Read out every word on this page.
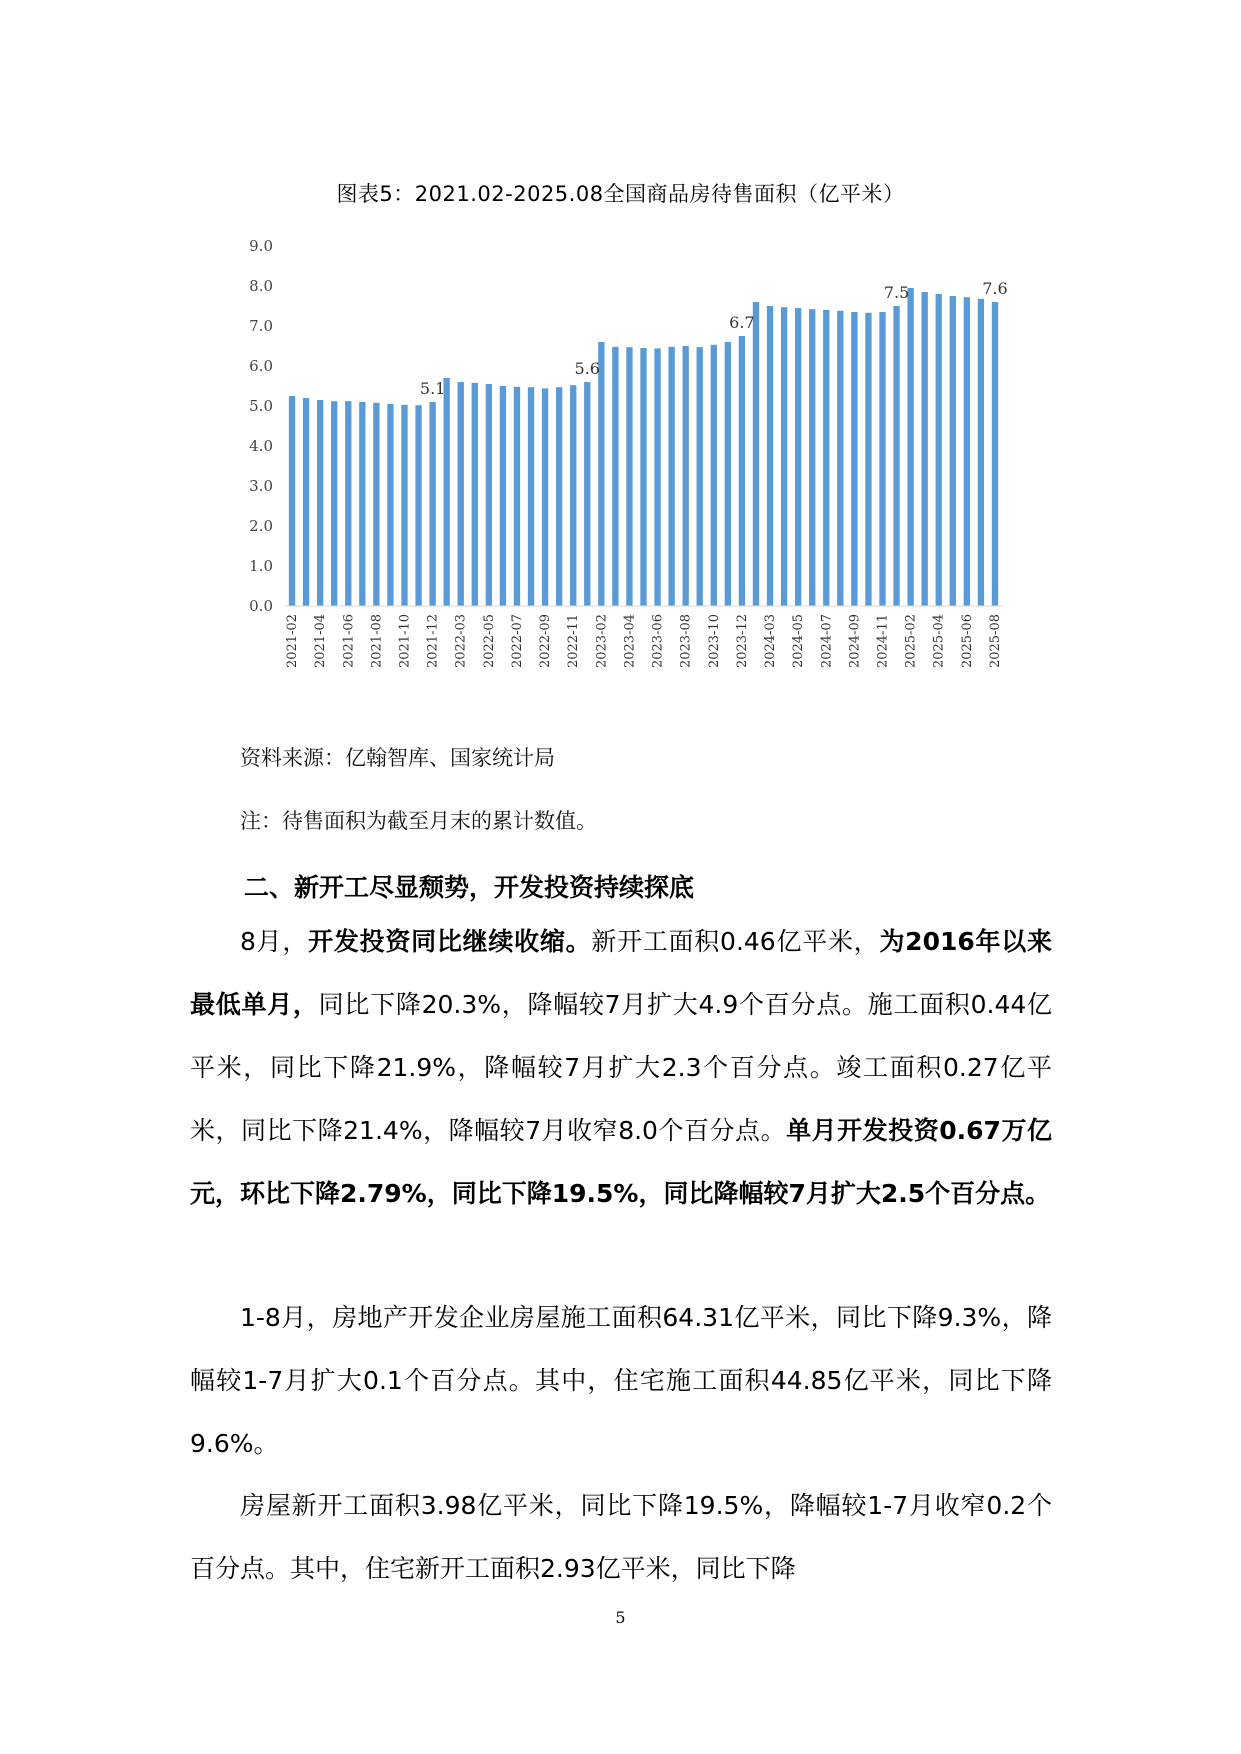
图表5：2021.02-2025.08全国商品房待售面积（亿平米）
0.0
1.0
2.0
3.0
4.0
5.0
6.0
7.0
8.0
9.0
2021-02 2021-04 2021-06 2021-08 2021-10 2021-12 2022-03 2022-05 2022-07 2022-09 2022-11 2023-02 2023-04 2023-06 2023-08 2023-10 2023-12 2024-03 2024-05 2024-07 2024-09 2024-11 2025-02 2025-04 2025-06 2025-08
5.1
5.6
6.7
7.5	7.6
资料来源：亿翰智库、国家统计局
注：待售面积为截至月末的累计数值。
二、新开工尽显颓势，开发投资持续探底

8月，开发投资同比继续收缩。新开工面积0.46亿平米，为2016年以来最低单月，同比下降20.3%，降幅较7月扩大4.9个百分点。施工面积0.44亿平米，同比下降21.9%，降幅较7月扩大2.3个百分点。竣工面积0.27亿平米，同比下降21.4%，降幅较7月收窄8.0个百分点。单月开发投资0.67万亿元，环比下降2.79%，同比下降19.5%，同比降幅较7月扩大2.5个百分点。

1-8月，房地产开发企业房屋施工面积64.31亿平米，同比下降9.3%，降幅较1-7月扩大0.1个百分点。其中，住宅施工面积44.85亿平米，同比下降9.6%。

房屋新开工面积3.98亿平米，同比下降19.5%，降幅较1-7月收窄0.2个百分点。其中，住宅新开工面积2.93亿平米，同比下降

5
